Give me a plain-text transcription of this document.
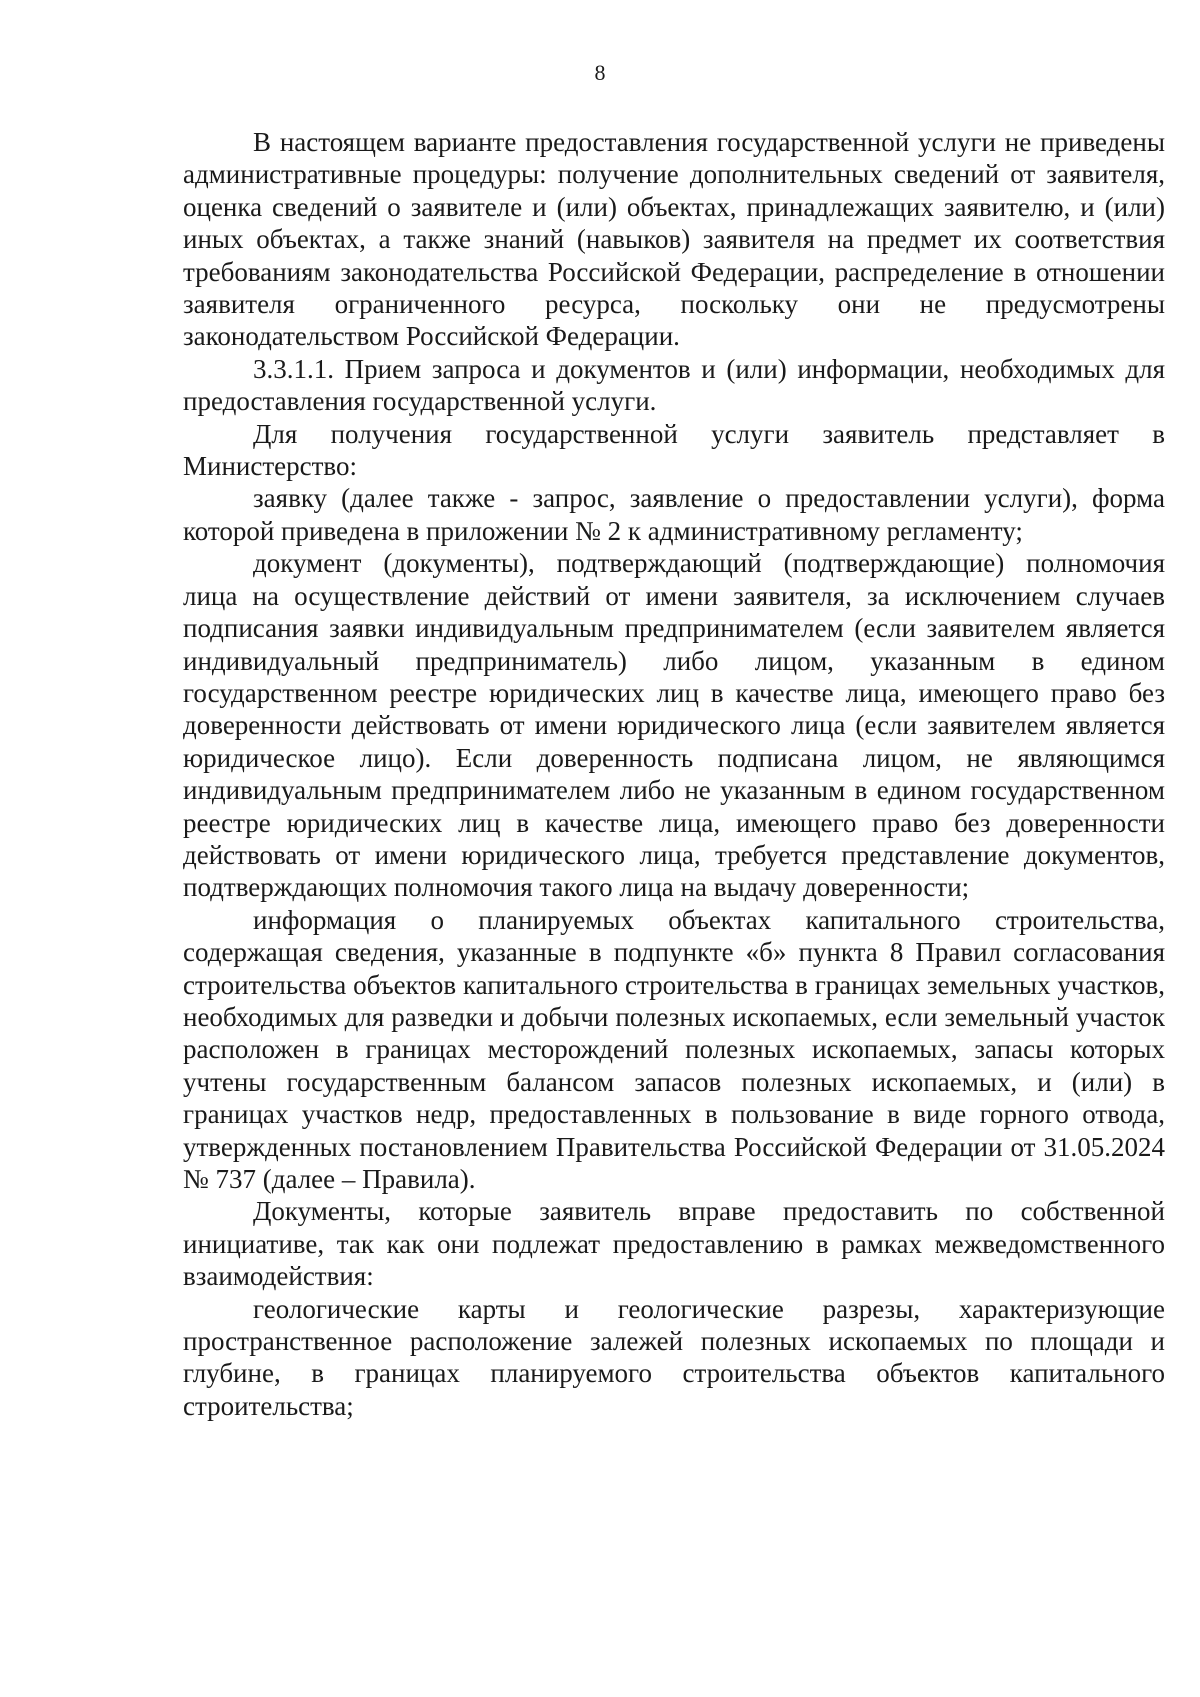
8

В настоящем варианте предоставления государственной услуги не приведены административные процедуры: получение дополнительных сведений от заявителя, оценка сведений о заявителе и (или) объектах, принадлежащих заявителю, и (или) иных объектах, а также знаний (навыков) заявителя на предмет их соответствия требованиям законодательства Российской Федерации, распределение в отношении заявителя ограниченного ресурса, поскольку они не предусмотрены законодательством Российской Федерации.

3.3.1.1. Прием запроса и документов и (или) информации, необходимых для предоставления государственной услуги.

Для получения государственной услуги заявитель представляет в Министерство:

заявку (далее также - запрос, заявление о предоставлении услуги), форма которой приведена в приложении № 2 к административному регламенту;

документ (документы), подтверждающий (подтверждающие) полномочия лица на осуществление действий от имени заявителя, за исключением случаев подписания заявки индивидуальным предпринимателем (если заявителем является индивидуальный предприниматель) либо лицом, указанным в едином государственном реестре юридических лиц в качестве лица, имеющего право без доверенности действовать от имени юридического лица (если заявителем является юридическое лицо). Если доверенность подписана лицом, не являющимся индивидуальным предпринимателем либо не указанным в едином государственном реестре юридических лиц в качестве лица, имеющего право без доверенности действовать от имени юридического лица, требуется представление документов, подтверждающих полномочия такого лица на выдачу доверенности;

информация о планируемых объектах капитального строительства, содержащая сведения, указанные в подпункте «б» пункта 8 Правил согласования строительства объектов капитального строительства в границах земельных участков, необходимых для разведки и добычи полезных ископаемых, если земельный участок расположен в границах месторождений полезных ископаемых, запасы которых учтены государственным балансом запасов полезных ископаемых, и (или) в границах участков недр, предоставленных в пользование в виде горного отвода, утвержденных постановлением Правительства Российской Федерации от 31.05.2024 № 737 (далее – Правила).

Документы, которые заявитель вправе предоставить по собственной инициативе, так как они подлежат предоставлению в рамках межведомственного взаимодействия:

геологические карты и геологические разрезы, характеризующие пространственное расположение залежей полезных ископаемых по площади и глубине, в границах планируемого строительства объектов капитального строительства;
